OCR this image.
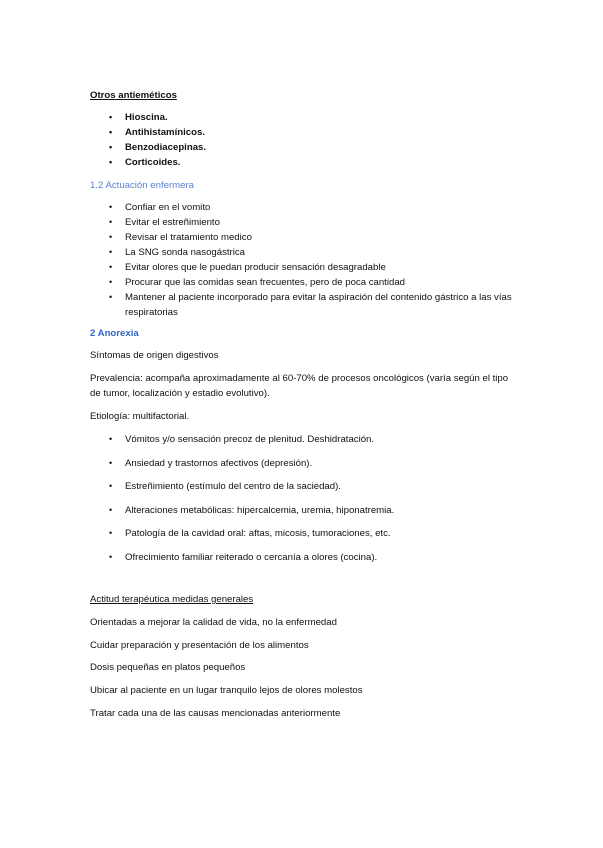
Otros antieméticos
• Hioscina.
• Antihistamínicos.
• Benzodiacepinas.
• Corticoides.
1.2 Actuación enfermera
• Confiar en el vomito
• Evitar el estreñimiento
• Revisar el tratamiento medico
• La SNG sonda nasogástrica
• Evitar olores que le puedan producir sensación desagradable
• Procurar que las comidas sean frecuentes, pero de poca cantidad
• Mantener al paciente incorporado para evitar la aspiración del contenido gástrico a las vías respiratorias
2 Anorexia
Síntomas de origen digestivos
Prevalencia: acompaña aproximadamente al 60-70% de procesos oncológicos (varía según el tipo de tumor, localización y estadio evolutivo).
Etiología: multifactorial.
• Vómitos y/o sensación precoz de plenitud. Deshidratación.
• Ansiedad y trastornos afectivos (depresión).
• Estreñimiento (estímulo del centro de la saciedad).
• Alteraciones metabólicas: hipercalcemia, uremia, hiponatremia.
• Patología de la cavidad oral: aftas, micosis, tumoraciones, etc.
• Ofrecimiento familiar reiterado o cercanía a olores (cocina).
Actitud terapéutica medidas generales
Orientadas a mejorar la calidad de vida, no la enfermedad
Cuidar preparación y presentación de los alimentos
Dosis pequeñas en platos pequeños
Ubicar al paciente en un lugar tranquilo lejos de olores molestos
Tratar cada una de las causas mencionadas anteriormente
